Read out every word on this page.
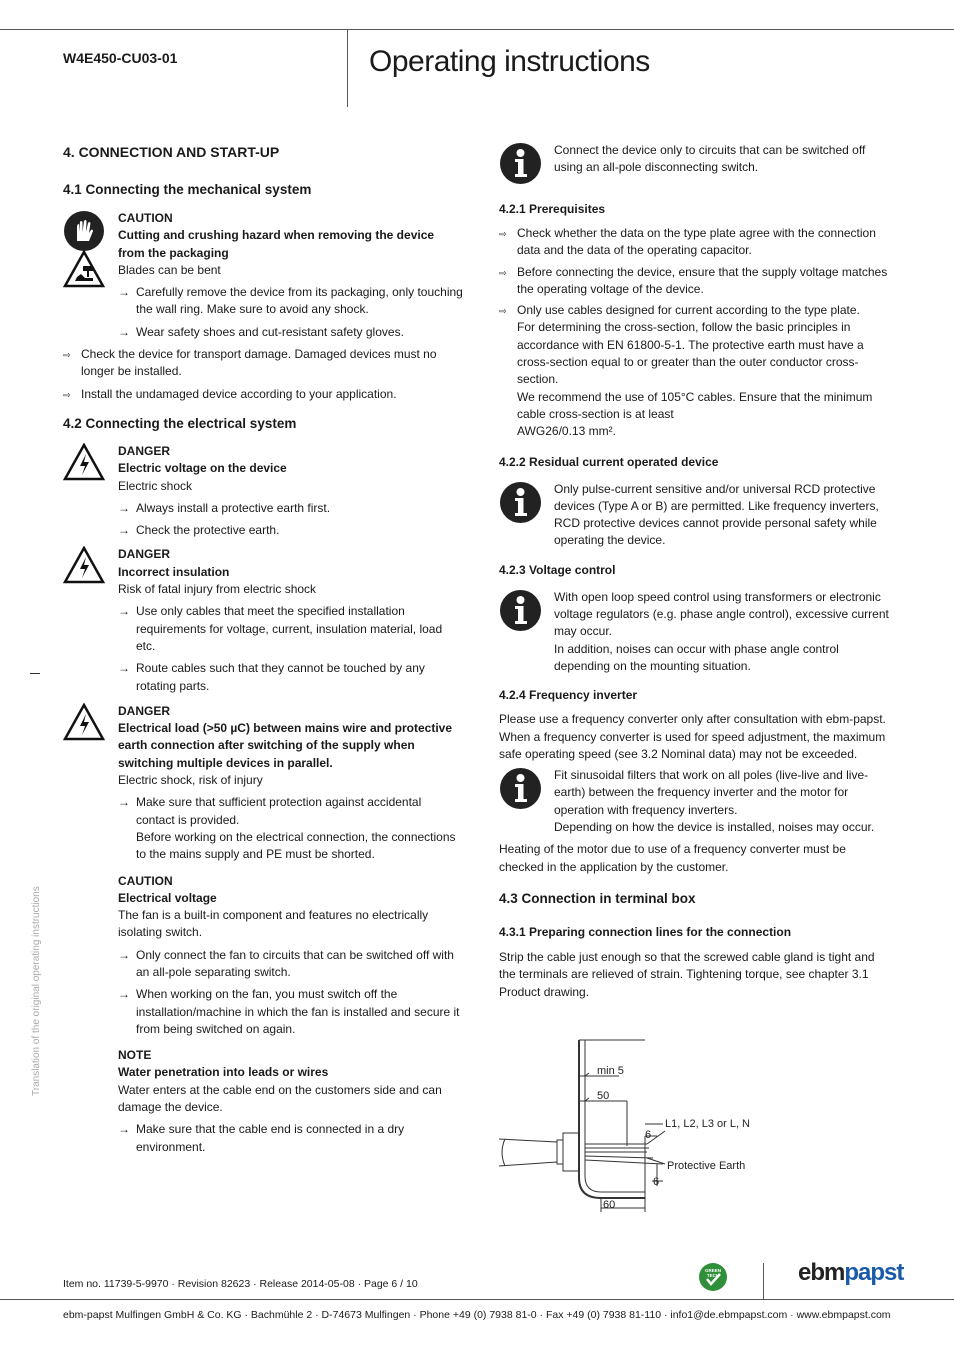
W4E450-CU03-01	Operating instructions
Translation of the original operating instructions
4. CONNECTION AND START-UP
4.1 Connecting the mechanical system

CAUTION

Cutting and crushing hazard when removing the device from the packaging

Blades can be bent

→ Carefully remove the device from its packaging, only touching the wall ring. Make sure to avoid any shock.

→ Wear safety shoes and cut-resistant safety gloves.

⇨ Check the device for transport damage. Damaged devices must no longer be installed.

⇨ Install the undamaged device according to your application.

4.2 Connecting the electrical system

DANGER

Electric voltage on the device

Electric shock

→ Always install a protective earth first.

→ Check the protective earth.

DANGER

Incorrect insulation

Risk of fatal injury from electric shock

→ Use only cables that meet the specified installation requirements for voltage, current, insulation material, load etc.

→ Route cables such that they cannot be touched by any rotating parts.

DANGER

Electrical load (>50 µC) between mains wire and protective earth connection after switching of the supply when switching multiple devices in parallel.

Electric shock, risk of injury

→ Make sure that sufficient protection against accidental contact is provided.

Before working on the electrical connection, the connections to the mains supply and PE must be shorted.

CAUTION

Electrical voltage

The fan is a built-in component and features no electrically isolating switch.

→ Only connect the fan to circuits that can be switched off with an all-pole separating switch.

→ When working on the fan, you must switch off the installation/machine in which the fan is installed and secure it from being switched on again.

NOTE

Water penetration into leads or wires

Water enters at the cable end on the customers side and can damage the device.

→ Make sure that the cable end is connected in a dry environment.

Connect the device only to circuits that can be switched off using an all-pole disconnecting switch.

4.2.1 Prerequisites

⇨ Check whether the data on the type plate agree with the connection data and the data of the operating capacitor.

⇨ Before connecting the device, ensure that the supply voltage matches the operating voltage of the device.

⇨ Only use cables designed for current according to the type plate.

For determining the cross-section, follow the basic principles in accordance with EN 61800-5-1. The protective earth must have a cross-section equal to or greater than the outer conductor cross-section.

We recommend the use of 105°C cables. Ensure that the minimum cable cross-section is at least

AWG26/0.13 mm².

4.2.2 Residual current operated device

Only pulse-current sensitive and/or universal RCD protective devices (Type A or B) are permitted. Like frequency inverters, RCD protective devices cannot provide personal safety while operating the device.

4.2.3 Voltage control

With open loop speed control using transformers or electronic voltage regulators (e.g. phase angle control), excessive current may occur.

In addition, noises can occur with phase angle control depending on the mounting situation.

4.2.4 Frequency inverter

Please use a frequency converter only after consultation with ebm-papst. When a frequency converter is used for speed adjustment, the maximum safe operating speed (see 3.2 Nominal data) may not be exceeded.

Fit sinusoidal filters that work on all poles (live-live and live-earth) between the frequency inverter and the motor for operation with frequency inverters.

Depending on how the device is installed, noises may occur.

Heating of the motor due to use of a frequency converter must be checked in the application by the customer.

4.3 Connection in terminal box
4.3.1 Preparing connection lines for the connection

Strip the cable just enough so that the screwed cable gland is tight and the terminals are relieved of strain. Tightening torque, see chapter 3.1 Product drawing.

min 5
50
L1, L2, L3 or L, N
6
Protective Earth
6
60
Item no. 11739-5-9970 · Revision 82623 · Release 2014-05-08 · Page 6 / 10
GREEN
TECH	ebmpapst
ebm-papst Mulfingen GmbH & Co. KG · Bachmühle 2 · D-74673 Mulfingen · Phone +49 (0) 7938 81-0 · Fax +49 (0) 7938 81-110 · info1@de.ebmpapst.com · www.ebmpapst.com
